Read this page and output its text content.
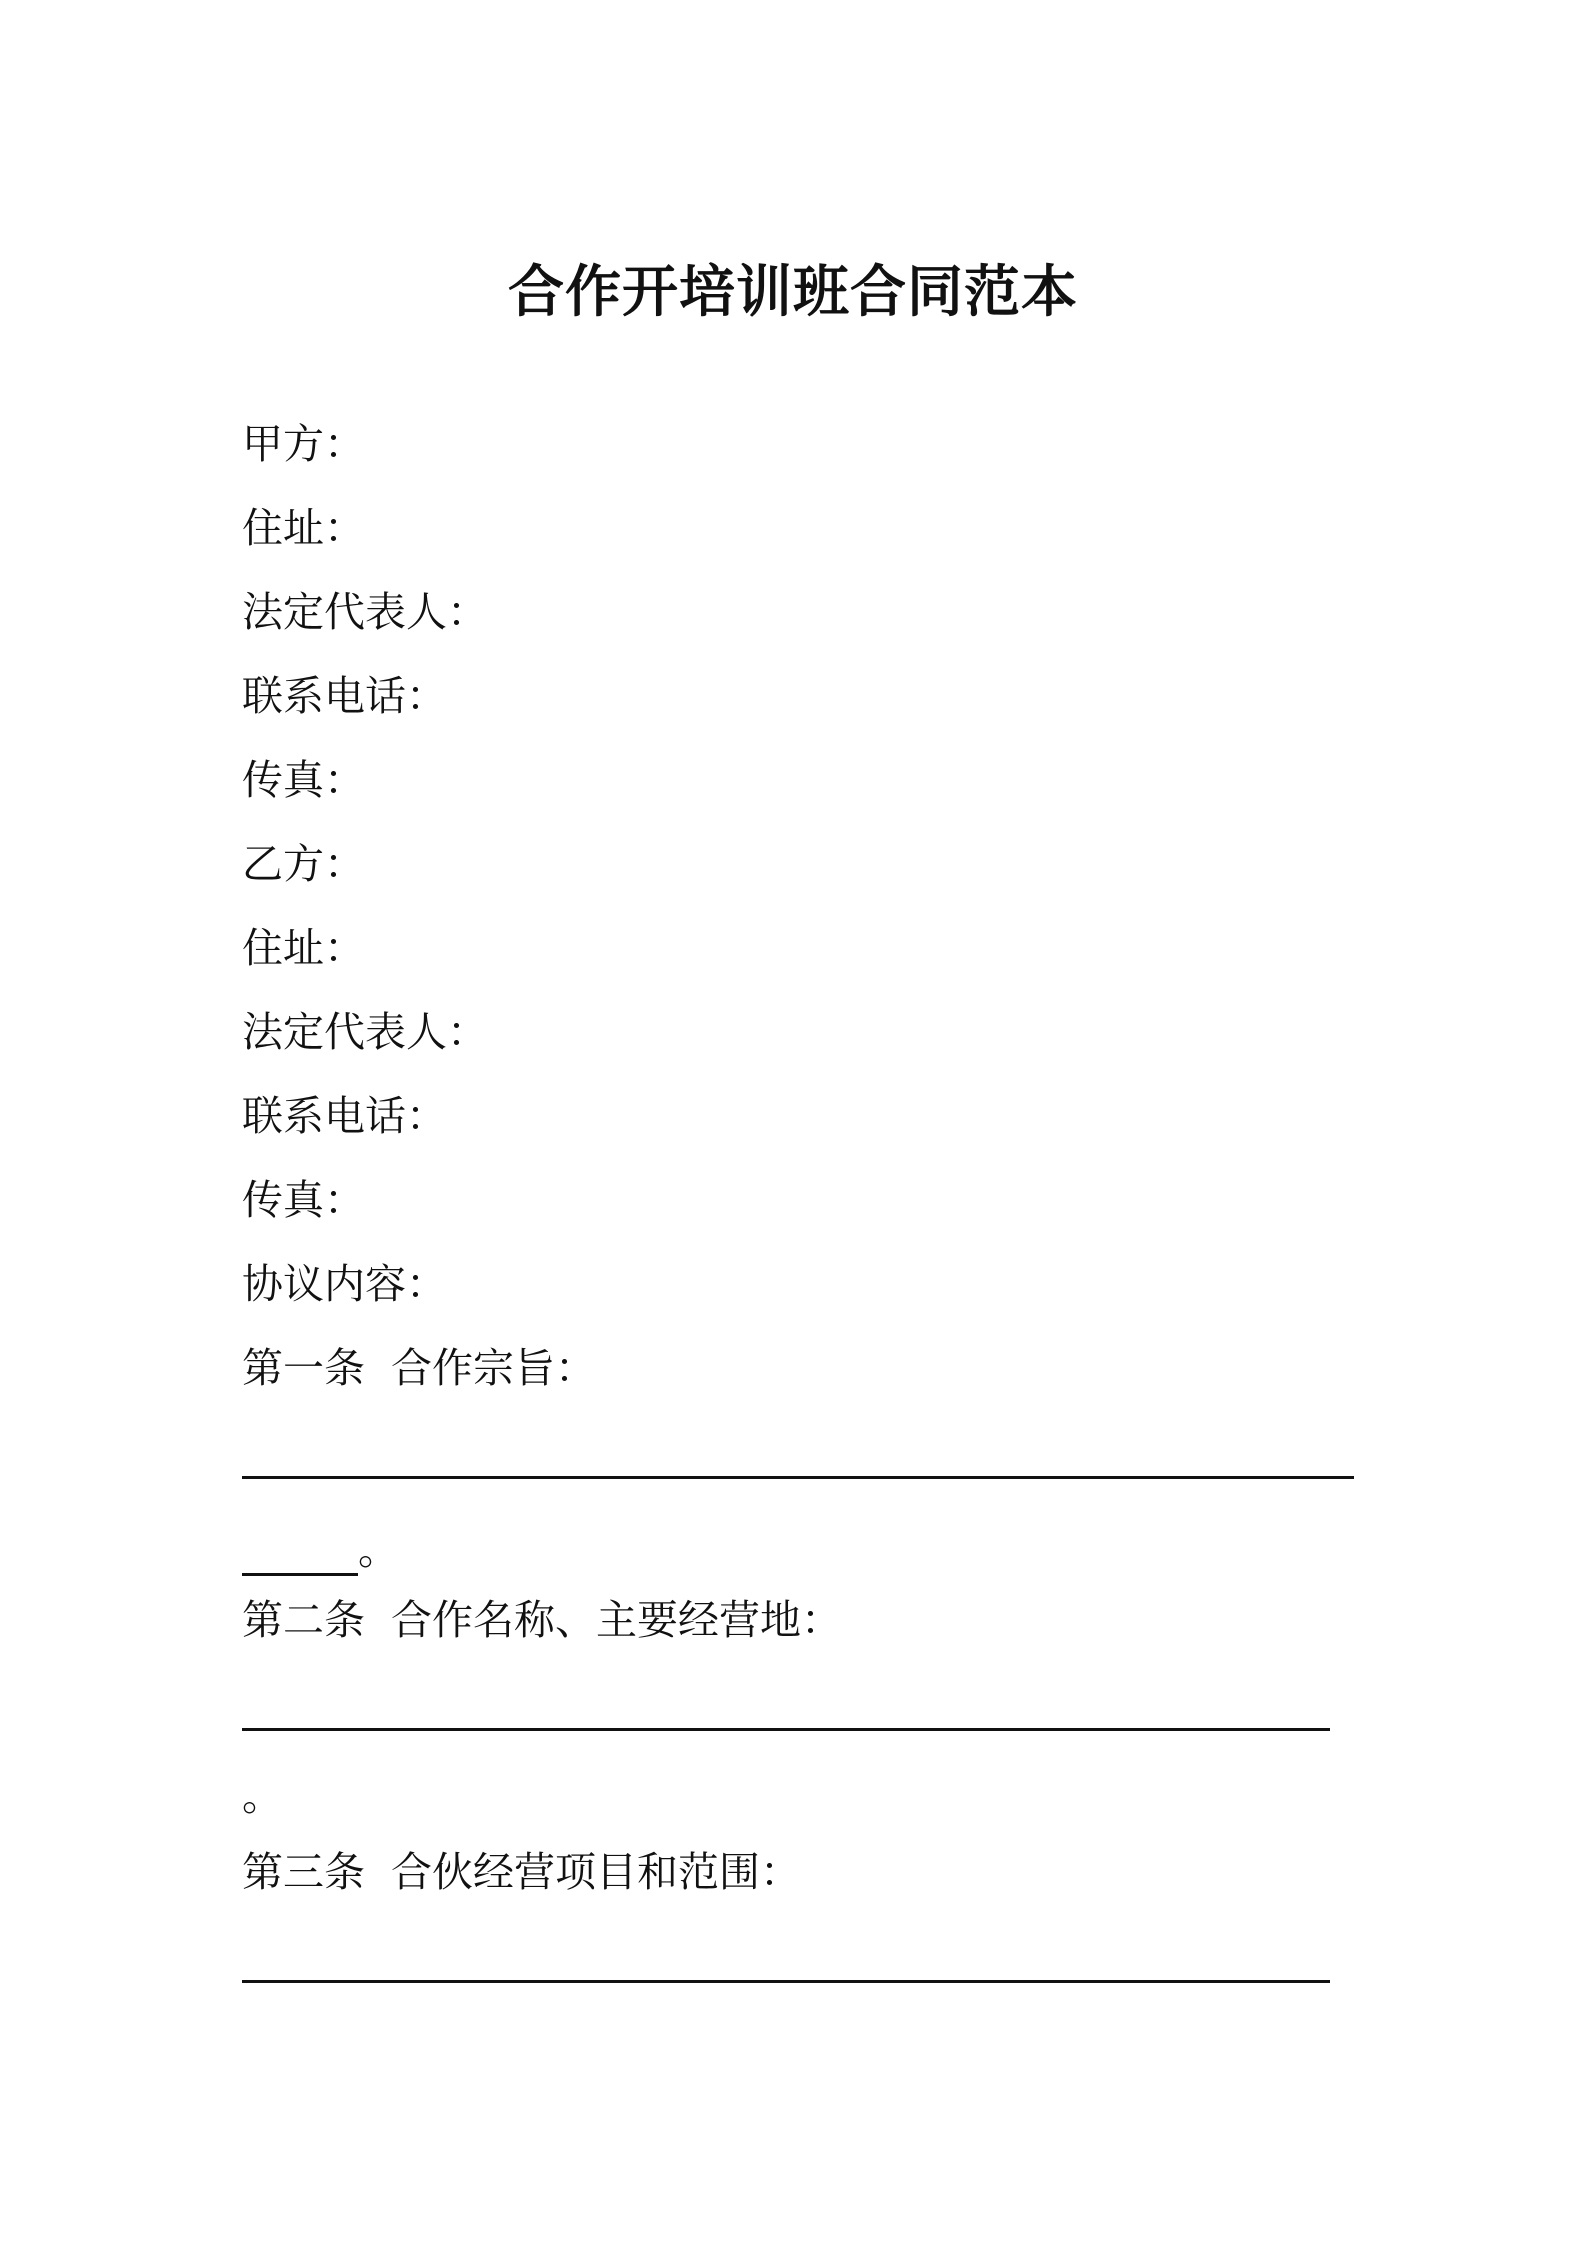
合作开培训班合同范本
甲方：
住址：
法定代表人：
联系电话：
传真：
乙方：
住址：
法定代表人：
联系电话：
传真：
协议内容：
第一条 合作宗旨：
。
第二条 合作名称、主要经营地：
。
第三条 合伙经营项目和范围：
